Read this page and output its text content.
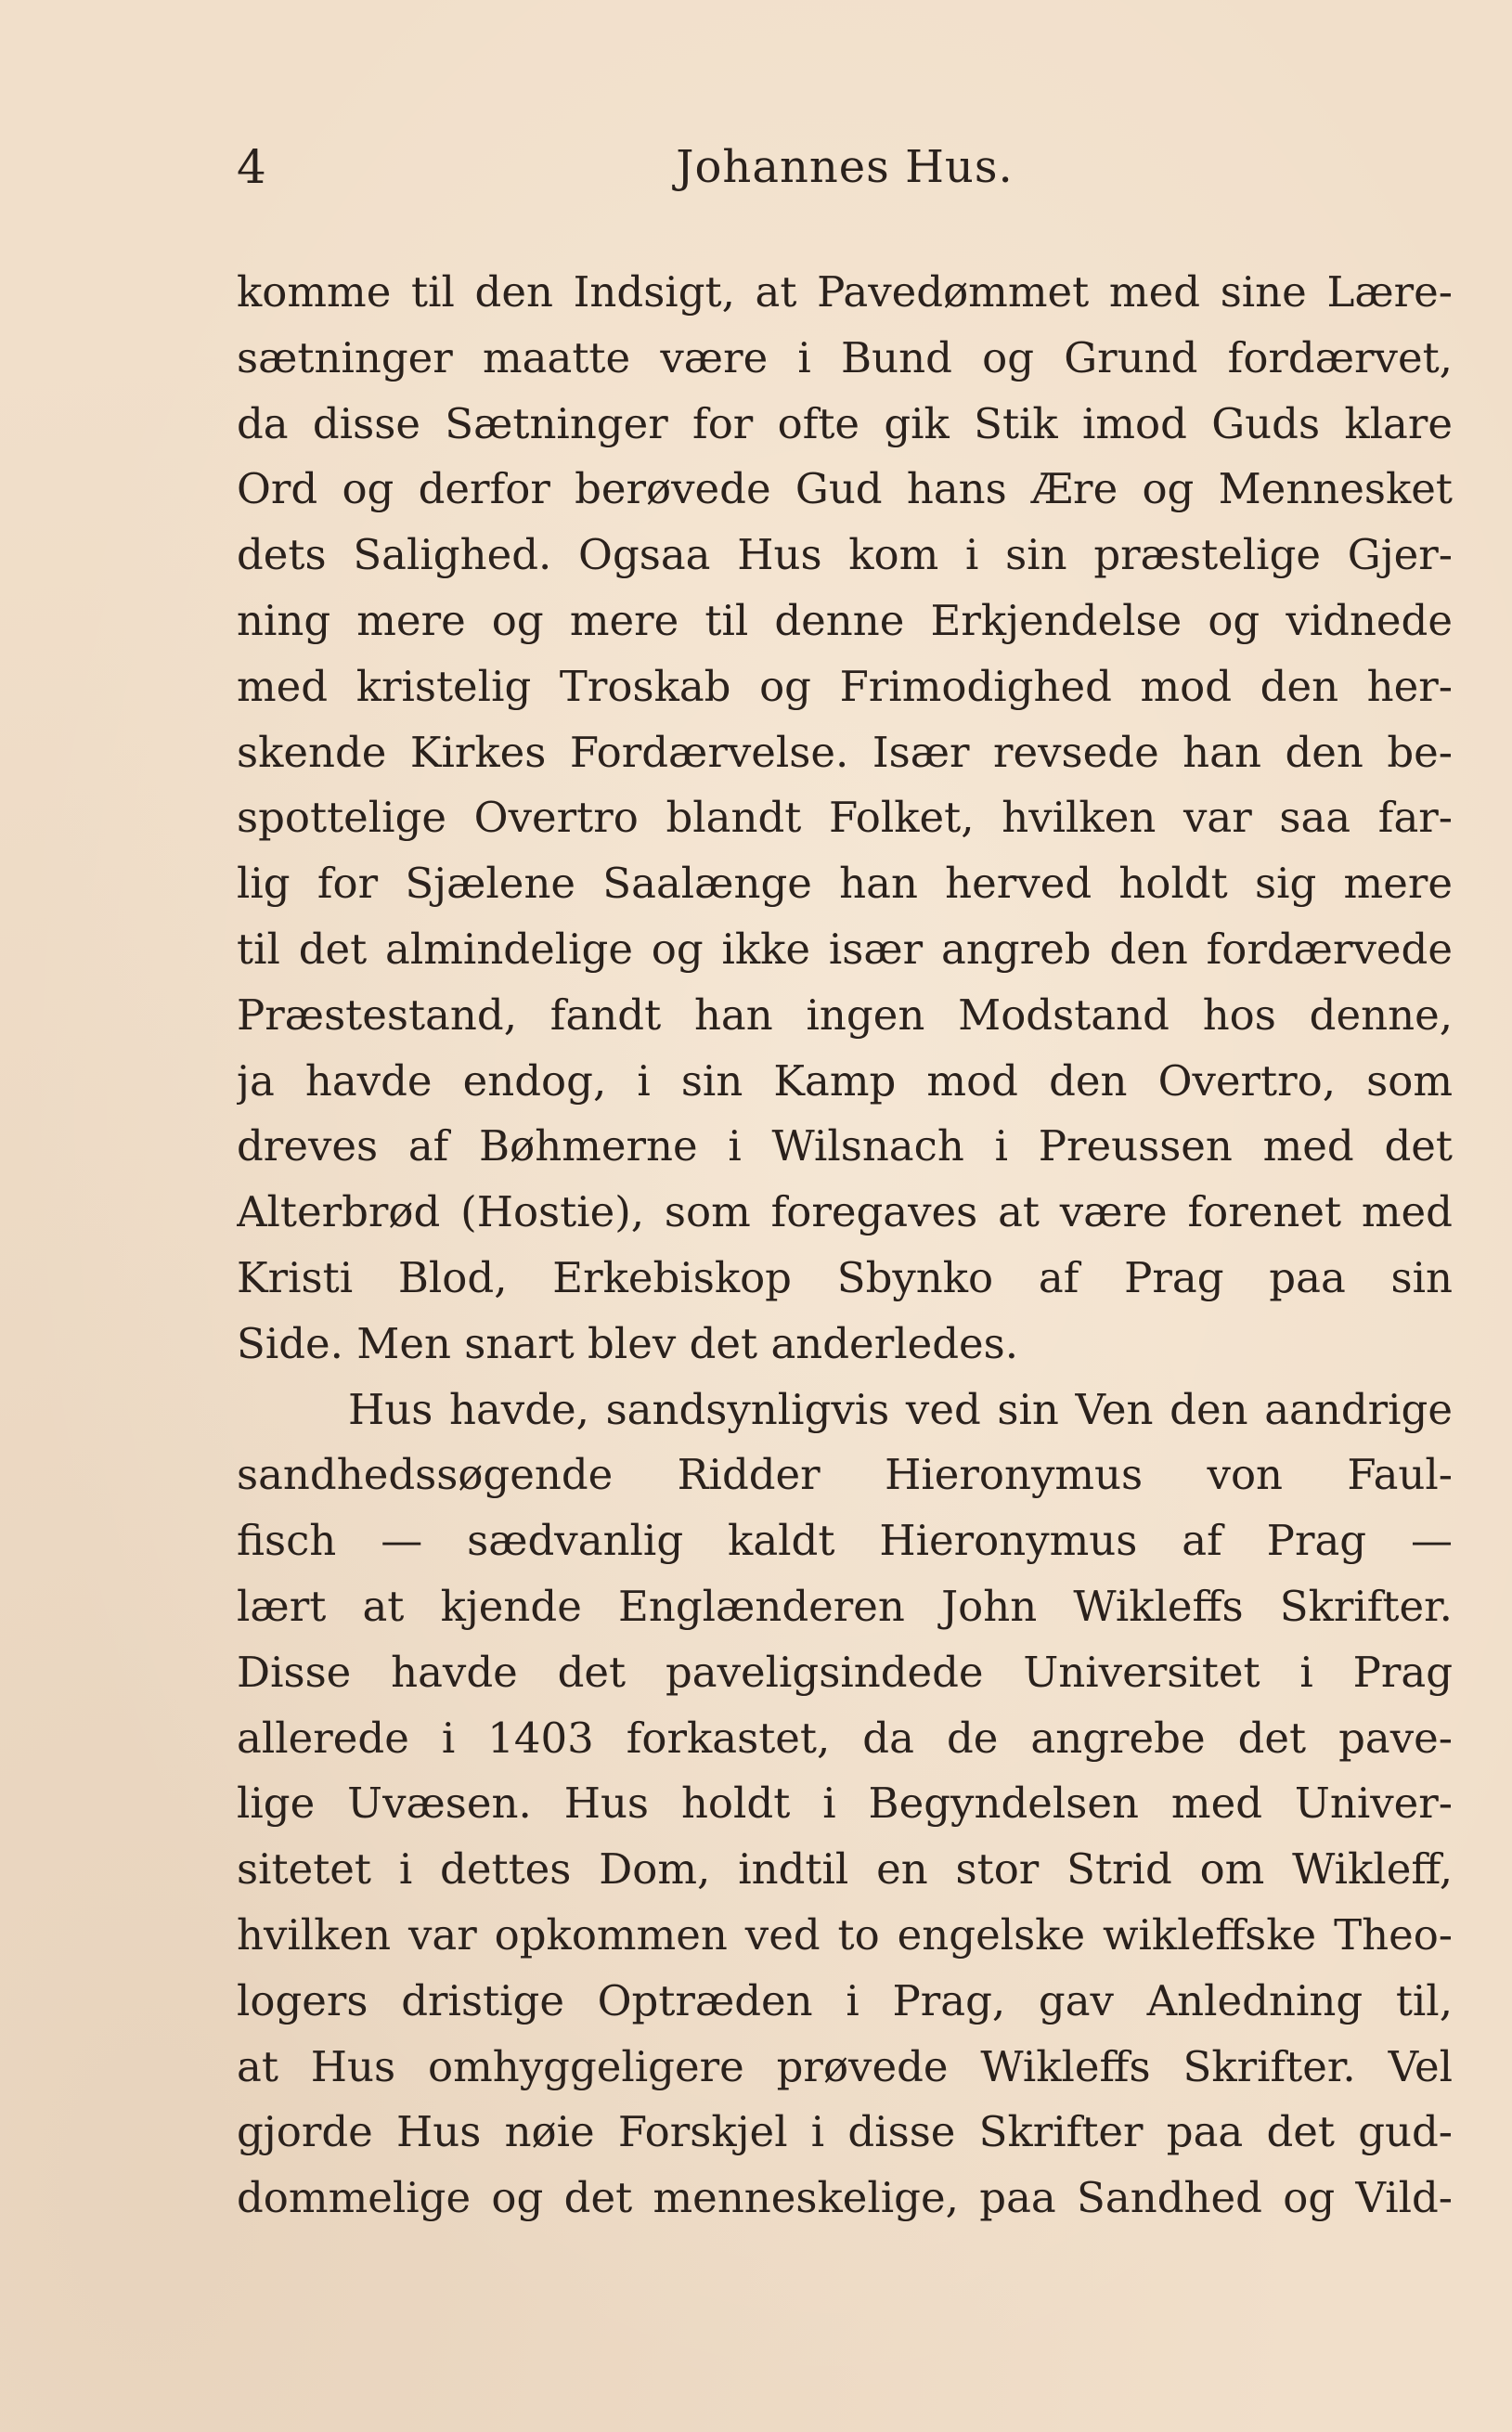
4	Johannes Hus.
komme til den Indsigt, at Pavedømmet med sine Lære-
sætninger maatte være i Bund og Grund fordærvet,
da disse Sætninger for ofte gik Stik imod Guds klare
Ord og derfor berøvede Gud hans Ære og Mennesket
dets Salighed. Ogsaa Hus kom i sin præstelige Gjer-
ning mere og mere til denne Erkjendelse og vidnede
med kristelig Troskab og Frimodighed mod den her-
skende Kirkes Fordærvelse. Især revsede han den be-
spottelige Overtro blandt Folket, hvilken var saa far-
lig for Sjælene Saalænge han herved holdt sig mere
til det almindelige og ikke især angreb den fordærvede
Præstestand, fandt han ingen Modstand hos denne,
ja havde endog, i sin Kamp mod den Overtro, som
dreves af Bøhmerne i Wilsnach i Preussen med det
Alterbrød (Hostie), som foregaves at være forenet med
Kristi Blod, Erkebiskop Sbynko af Prag paa sin
Side. Men snart blev det anderledes.
Hus havde, sandsynligvis ved sin Ven den aandrige
sandhedssøgende Ridder Hieronymus von Faul-
fisch — sædvanlig kaldt Hieronymus af Prag —
lært at kjende Englænderen John Wikleffs Skrifter.
Disse havde det paveligsindede Universitet i Prag
allerede i 1403 forkastet, da de angrebe det pave-
lige Uvæsen. Hus holdt i Begyndelsen med Univer-
sitetet i dettes Dom, indtil en stor Strid om Wikleff,
hvilken var opkommen ved to engelske wikleffske Theo-
logers dristige Optræden i Prag, gav Anledning til,
at Hus omhyggeligere prøvede Wikleffs Skrifter. Vel
gjorde Hus nøie Forskjel i disse Skrifter paa det gud-
dommelige og det menneskelige, paa Sandhed og Vild-
